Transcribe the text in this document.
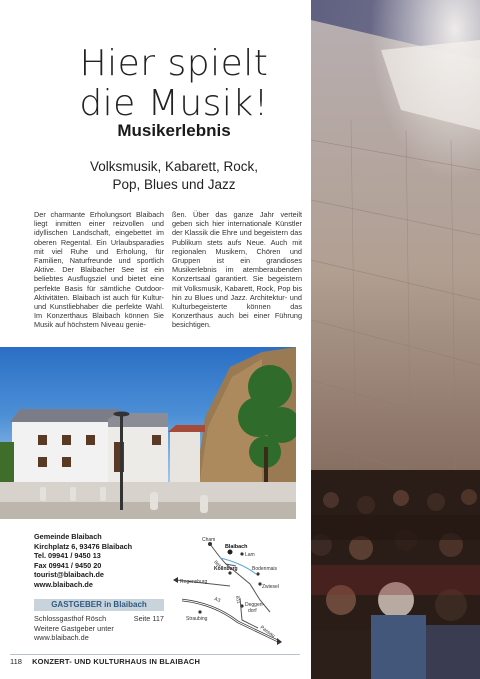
Hier spielt
die Musik!
Musikerlebnis

Volksmusik, Kabarett, Rock,
Pop, Blues und Jazz

Der charmante Erholungsort Blaibach liegt inmitten einer reizvollen und idyllischen Landschaft, eingebettet im oberen Regental. Ein Urlaubsparadies mit viel Ruhe und Erholung, für Familien, Naturfreunde und sportlich Aktive. Der Blaibacher See ist ein beliebtes Ausflugsziel und bietet eine perfekte Basis für sämtliche Outdoor-Aktivitäten. Blaibach ist auch für Kultur- und Kunstliebhaber die perfekte Wahl. Im Konzerthaus Blaibach können Sie Musik auf höchstem Niveau genie-

ßen. Über das ganze Jahr verteilt geben sich hier internationale Künstler der Klassik die Ehre und begeistern das Publikum stets aufs Neue. Auch mit regionalen Musikern, Chören und Gruppen ist ein grandioses Musikerlebnis im atemberaubenden Konzertsaal garantiert. Sie begeistern mit Volksmusik, Kabarett, Rock, Pop bis hin zu Blues und Jazz. Architektur- und Kulturbegeisterte können das Konzerthaus auch bei einer Führung besichtigen.

Gemeinde Blaibach
Kirchplatz 6, 93476 Blaibach
Tel. 09941 / 9450 13
Fax 09941 / 9450 20
tourist@blaibach.de
www.blaibach.de

GASTGEBER in Blaibach
Schlossgasthof Rösch	Seite 117
Weitere Gastgeber unter
www.blaibach.de
Cham
Blaibach
Lam
B85
Kollnburg	Bodenmais
Regensburg
Zwiesel
A3	B11
Deggen-
dorf
Straubing
Passau
118 KONZERT- UND KULTURHAUS IN BLAIBACH
